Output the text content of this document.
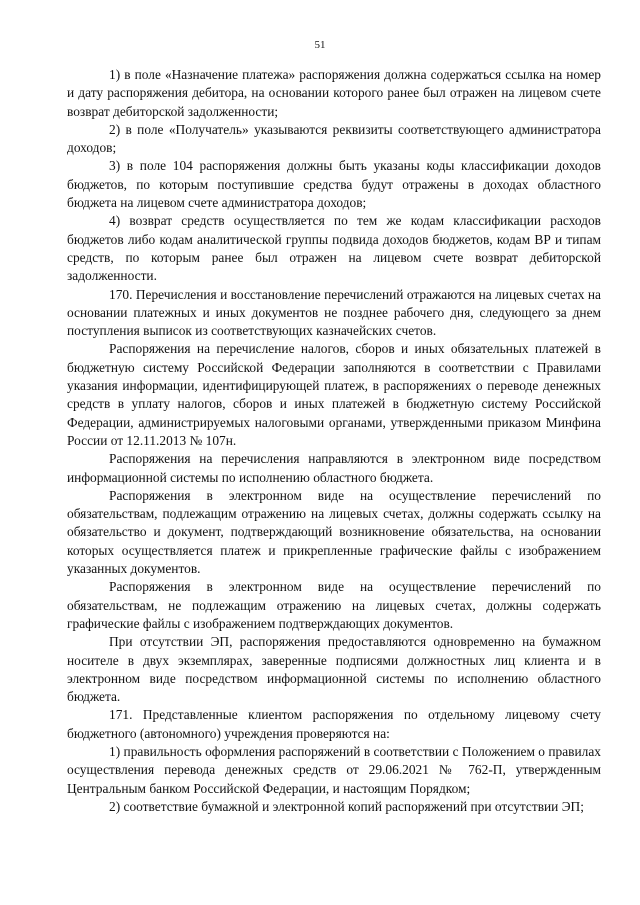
51

1) в поле «Назначение платежа» распоряжения должна содержаться ссылка на номер и дату распоряжения дебитора, на основании которого ранее был отражен на лицевом счете возврат дебиторской задолженности;

2) в поле «Получатель» указываются реквизиты соответствующего администратора доходов;

3) в поле 104 распоряжения должны быть указаны коды классификации доходов бюджетов, по которым поступившие средства будут отражены в доходах областного бюджета на лицевом счете администратора доходов;

4) возврат средств осуществляется по тем же кодам классификации расходов бюджетов либо кодам аналитической группы подвида доходов бюджетов, кодам ВР и типам средств, по которым ранее был отражен на лицевом счете возврат дебиторской задолженности.

170. Перечисления и восстановление перечислений отражаются на лицевых счетах на основании платежных и иных документов не позднее рабочего дня, следующего за днем поступления выписок из соответствующих казначейских счетов.

Распоряжения на перечисление налогов, сборов и иных обязательных платежей в бюджетную систему Российской Федерации заполняются в соответствии с Правилами указания информации, идентифицирующей платеж, в распоряжениях о переводе денежных средств в уплату налогов, сборов и иных платежей в бюджетную систему Российской Федерации, администрируемых налоговыми органами, утвержденными приказом Минфина России от 12.11.2013 № 107н.

Распоряжения на перечисления направляются в электронном виде посредством информационной системы по исполнению областного бюджета.

Распоряжения в электронном виде на осуществление перечислений по обязательствам, подлежащим отражению на лицевых счетах, должны содержать ссылку на обязательство и документ, подтверждающий возникновение обязательства, на основании которых осуществляется платеж и прикрепленные графические файлы с изображением указанных документов.

Распоряжения в электронном виде на осуществление перечислений по обязательствам, не подлежащим отражению на лицевых счетах, должны содержать графические файлы с изображением подтверждающих документов.

При отсутствии ЭП, распоряжения предоставляются одновременно на бумажном носителе в двух экземплярах, заверенные подписями должностных лиц клиента и в электронном виде посредством информационной системы по исполнению областного бюджета.

171. Представленные клиентом распоряжения по отдельному лицевому счету бюджетного (автономного) учреждения проверяются на:

1) правильность оформления распоряжений в соответствии с Положением о правилах осуществления перевода денежных средств от 29.06.2021 № 762-П, утвержденным Центральным банком Российской Федерации, и настоящим Порядком;

2) соответствие бумажной и электронной копий распоряжений при отсутствии ЭП;
